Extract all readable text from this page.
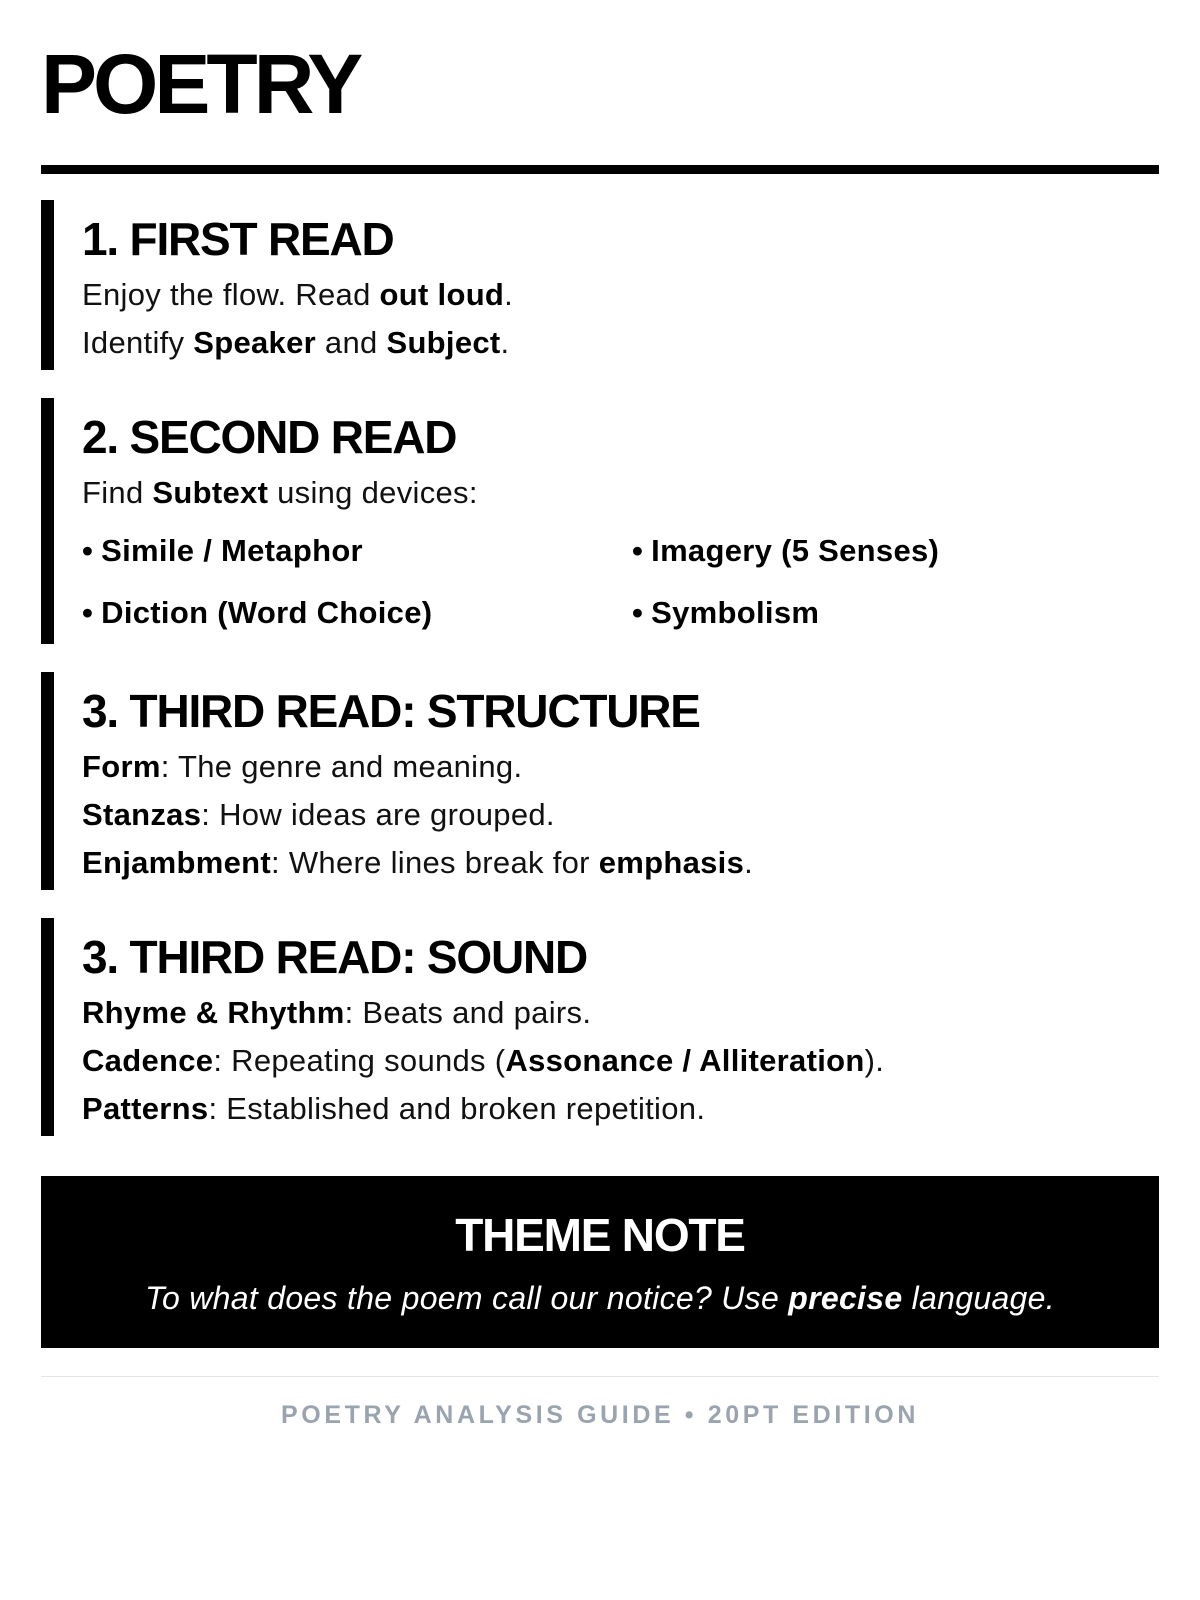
POETRY
1. FIRST READ
Enjoy the flow. Read out loud.
Identify Speaker and Subject.
2. SECOND READ
Find Subtext using devices:
• Simile / Metaphor	• Imagery (5 Senses)
• Diction (Word Choice)	• Symbolism
3. THIRD READ: STRUCTURE
Form: The genre and meaning.
Stanzas: How ideas are grouped.
Enjambment: Where lines break for emphasis.
3. THIRD READ: SOUND
Rhyme & Rhythm: Beats and pairs.
Cadence: Repeating sounds (Assonance / Alliteration).
Patterns: Established and broken repetition.
THEME NOTE
To what does the poem call our notice? Use precise language.
POETRY ANALYSIS GUIDE • 20PT EDITION
